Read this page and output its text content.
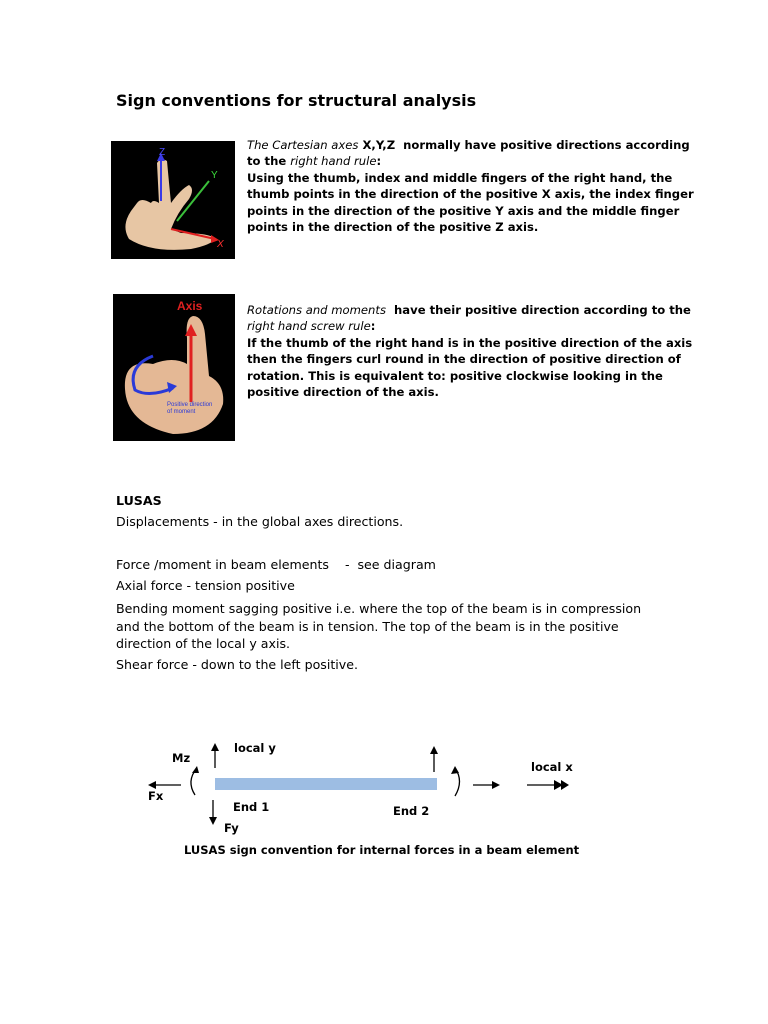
Sign conventions for structural analysis
Z
Y
X
The Cartesian axes X,Y,Z  normally have positive directions according
to the right hand rule:
Using the thumb, index and middle fingers of the right hand, the
thumb points in the direction of the positive X axis, the index finger
points in the direction of the positive Y axis and the middle finger
points in the direction of the positive Z axis.
Axis
Positive direction
of moment
Rotations and moments  have their positive direction according to the
right hand screw rule:
If the thumb of the right hand is in the positive direction of the axis
then the fingers curl round in the direction of positive direction of
rotation. This is equivalent to: positive clockwise looking in the
positive direction of the axis.
LUSAS
Displacements - in the global axes directions.
Force /moment in beam elements    -  see diagram
Axial force - tension positive
Bending moment sagging positive i.e. where the top of the beam is in compression
and the bottom of the beam is in tension. The top of the beam is in the positive
direction of the local y axis.
Shear force - down to the left positive.
Mz
Fx
Fy
local y
local x
End 1	End 2
LUSAS sign convention for internal forces in a beam element
